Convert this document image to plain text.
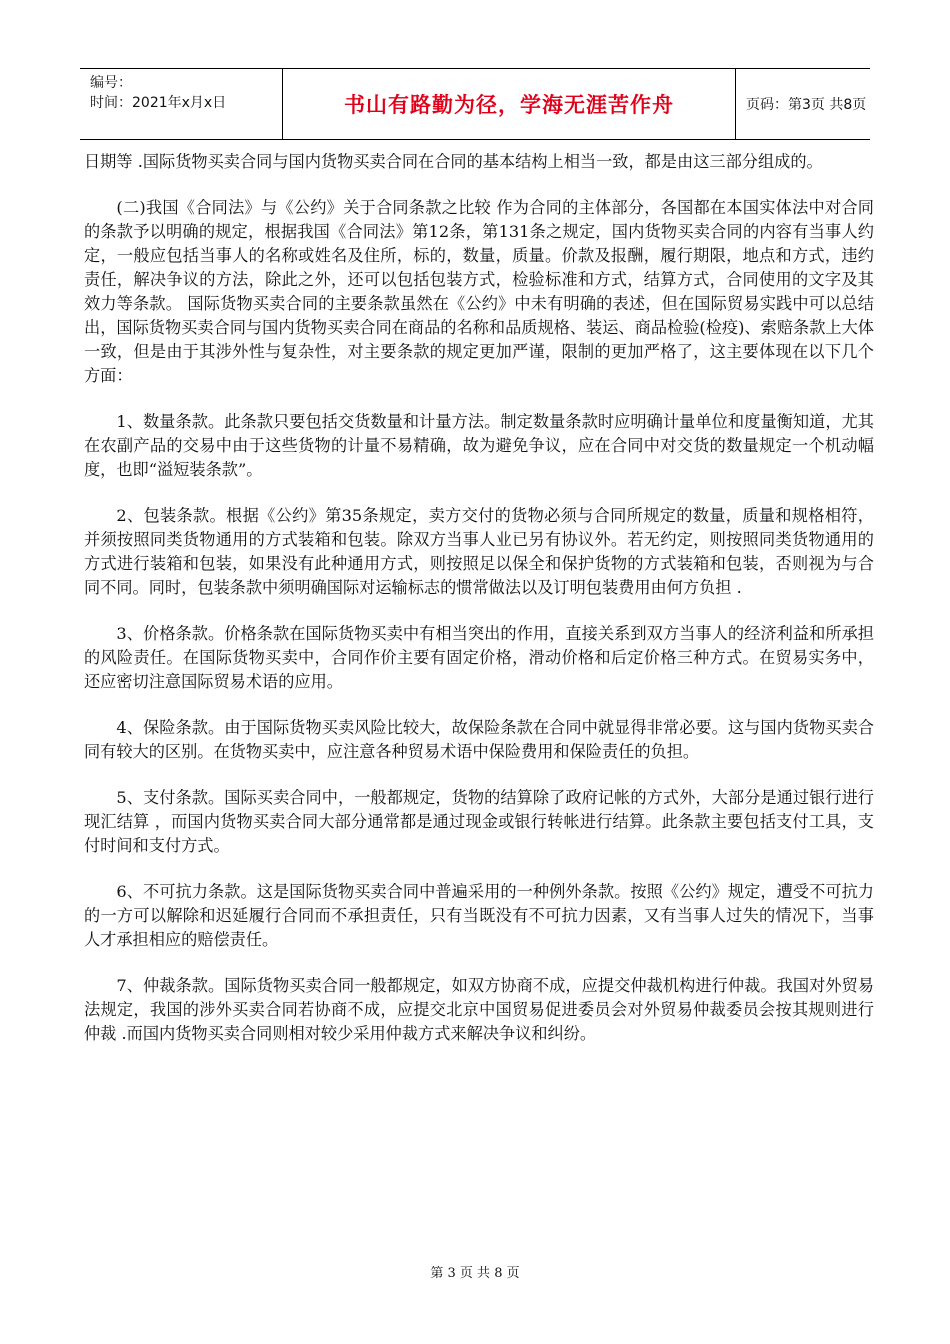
编号：
时间：2021年x月x日	书山有路勤为径，学海无涯苦作舟	页码：第3页 共8页

日期等 .国际货物买卖合同与国内货物买卖合同在合同的基本结构上相当一致，都是由这三部分组成的。

(二)我国《合同法》与《公约》关于合同条款之比较 作为合同的主体部分，各国都在本国实体法中对合同的条款予以明确的规定，根据我国《合同法》第12条，第131条之规定，国内货物买卖合同的内容有当事人约定，一般应包括当事人的名称或姓名及住所，标的，数量，质量。价款及报酬，履行期限，地点和方式，违约责任，解决争议的方法，除此之外，还可以包括包装方式，检验标准和方式，结算方式，合同使用的文字及其效力等条款。 国际货物买卖合同的主要条款虽然在《公约》中未有明确的表述，但在国际贸易实践中可以总结出，国际货物买卖合同与国内货物买卖合同在商品的名称和品质规格、装运、商品检验(检疫)、索赔条款上大体一致，但是由于其涉外性与复杂性，对主要条款的规定更加严谨，限制的更加严格了，这主要体现在以下几个方面：

1、数量条款。此条款只要包括交货数量和计量方法。制定数量条款时应明确计量单位和度量衡知道，尤其在农副产品的交易中由于这些货物的计量不易精确，故为避免争议，应在合同中对交货的数量规定一个机动幅度，也即“溢短装条款”。

2、包装条款。根据《公约》第35条规定，卖方交付的货物必须与合同所规定的数量，质量和规格相符，并须按照同类货物通用的方式装箱和包装。除双方当事人业已另有协议外。若无约定，则按照同类货物通用的方式进行装箱和包装，如果没有此种通用方式，则按照足以保全和保护货物的方式装箱和包装，否则视为与合同不同。同时，包装条款中须明确国际对运输标志的惯常做法以及订明包装费用由何方负担 .

3、价格条款。价格条款在国际货物买卖中有相当突出的作用，直接关系到双方当事人的经济利益和所承担的风险责任。在国际货物买卖中，合同作价主要有固定价格，滑动价格和后定价格三种方式。在贸易实务中，还应密切注意国际贸易术语的应用。

4、保险条款。由于国际货物买卖风险比较大，故保险条款在合同中就显得非常必要。这与国内货物买卖合同有较大的区别。在货物买卖中，应注意各种贸易术语中保险费用和保险责任的负担。

5、支付条款。国际买卖合同中，一般都规定，货物的结算除了政府记帐的方式外，大部分是通过银行进行现汇结算 ，而国内货物买卖合同大部分通常都是通过现金或银行转帐进行结算。此条款主要包括支付工具，支付时间和支付方式。

6、不可抗力条款。这是国际货物买卖合同中普遍采用的一种例外条款。按照《公约》规定，遭受不可抗力的一方可以解除和迟延履行合同而不承担责任，只有当既没有不可抗力因素，又有当事人过失的情况下，当事人才承担相应的赔偿责任。

7、仲裁条款。国际货物买卖合同一般都规定，如双方协商不成，应提交仲裁机构进行仲裁。我国对外贸易法规定，我国的涉外买卖合同若协商不成，应提交北京中国贸易促进委员会对外贸易仲裁委员会按其规则进行仲裁 .而国内货物买卖合同则相对较少采用仲裁方式来解决争议和纠纷。

第 3 页 共 8 页
